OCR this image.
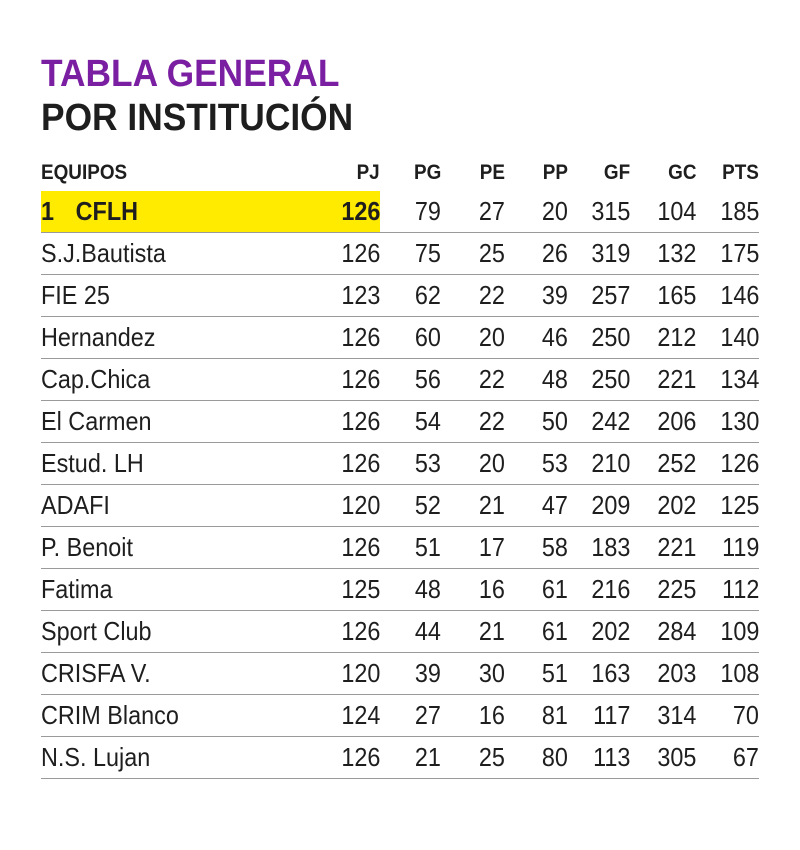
TABLA GENERAL
POR INSTITUCIÓN
EQUIPOS	PJ	PG	PE	PP	GF	GC	PTS
1 CFLH	126	79	27	20	315	104	185
S.J.Bautista	126	75	25	26	319	132	175
FIE 25	123	62	22	39	257	165	146
Hernandez	126	60	20	46	250	212	140
Cap.Chica	126	56	22	48	250	221	134
El Carmen	126	54	22	50	242	206	130
Estud. LH	126	53	20	53	210	252	126
ADAFI	120	52	21	47	209	202	125
P. Benoit	126	51	17	58	183	221	119
Fatima	125	48	16	61	216	225	112
Sport Club	126	44	21	61	202	284	109
CRISFA V.	120	39	30	51	163	203	108
CRIM Blanco	124	27	16	81	117	314	70
N.S. Lujan	126	21	25	80	113	305	67
